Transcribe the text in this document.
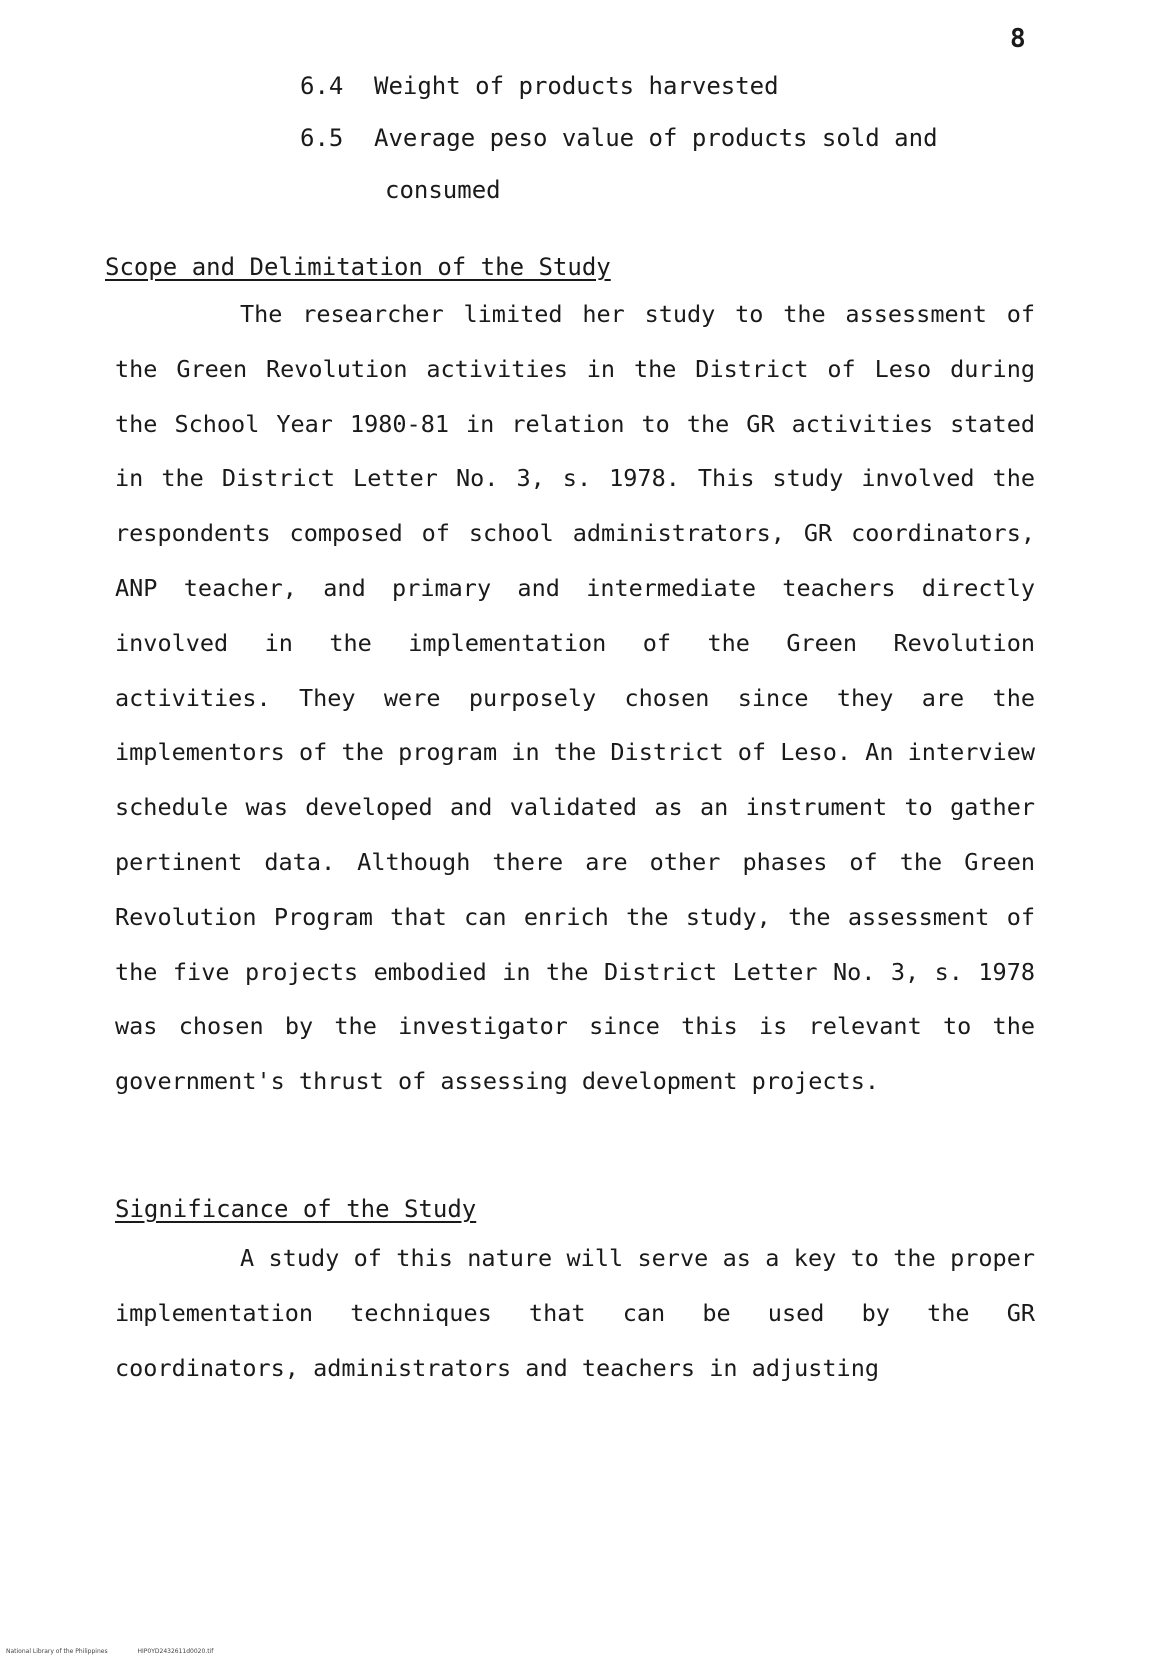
8
6.4 Weight of products harvested
6.5 Average peso value of products sold and
consumed
Scope and Delimitation of the Study

The researcher limited her study to the assessment of the Green Revolution activities in the District of Leso during the School Year 1980-81 in relation to the GR activities stated in the District Letter No. 3, s. 1978. This study involved the respondents composed of school administrators, GR coordinators, ANP teacher, and primary and intermediate teachers directly involved in the implementation of the Green Revolution activities. They were purposely chosen since they are the implementors of the program in the District of Leso. An interview schedule was developed and validated as an instrument to gather pertinent data. Although there are other phases of the Green Revolution Program that can enrich the study, the assessment of the five projects embodied in the District Letter No. 3, s. 1978 was chosen by the investigator since this is relevant to the government's thrust of assessing development projects.

Significance of the Study

A study of this nature will serve as a key to the proper implementation techniques that can be used by the GR coordinators, administrators and teachers in adjusting

National Library of the Philippines	HIP0YD2432611d0020.tif
